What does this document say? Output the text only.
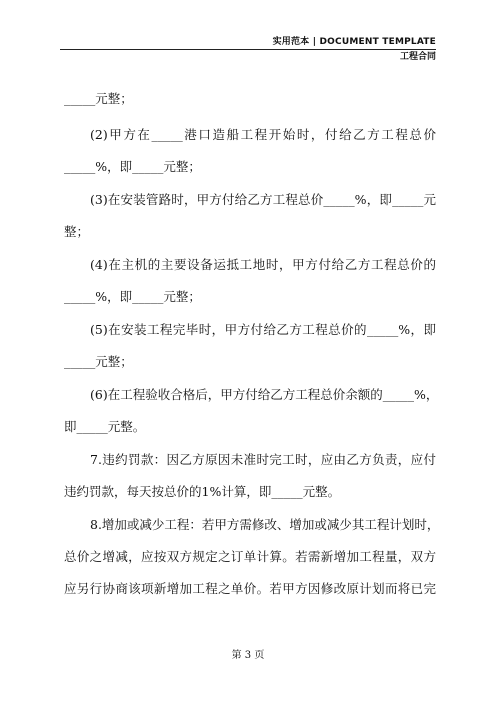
实用范本 | DOCUMENT TEMPLATE
工程合同
_____元整；
(2)甲方在_____港口造船工程开始时，付给乙方工程总价
_____%，即_____元整；
(3)在安装管路时，甲方付给乙方工程总价_____%，即_____元
整；
(4)在主机的主要设备运抵工地时，甲方付给乙方工程总价的
_____%，即_____元整；
(5)在安装工程完毕时，甲方付给乙方工程总价的_____%，即
_____元整；
(6)在工程验收合格后，甲方付给乙方工程总价余额的_____%，
即_____元整。
7.违约罚款：因乙方原因未准时完工时，应由乙方负责，应付
违约罚款，每天按总价的1%计算，即_____元整。
8.增加或减少工程：若甲方需修改、增加或减少其工程计划时，
总价之增减，应按双方规定之订单计算。若需新增加工程量，双方
应另行协商该项新增加工程之单价。若甲方因修改原计划而将已完
第 3 页
